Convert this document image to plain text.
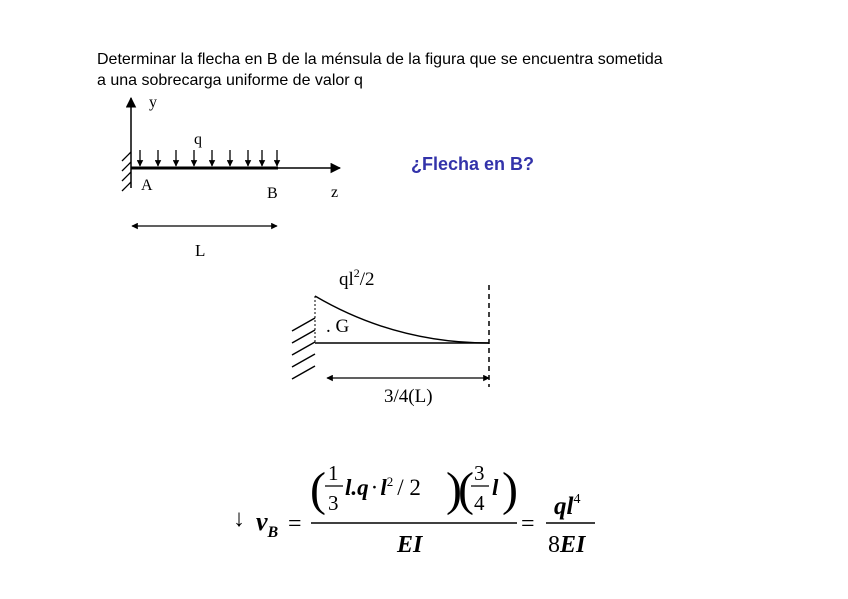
Determinar la flecha en B de la ménsula de la figura que se encuentra sometida
a una sobrecarga uniforme de valor q
¿Flecha en B?
y
z
q
A	B
L
$ql^2/2$
. G
3/4(L)
↓ $v_B$ =
( 1
3
$l.q\cdot l^2 / 2$ )
( 3
4
l )
EI
=
$ql^4$
8EI
